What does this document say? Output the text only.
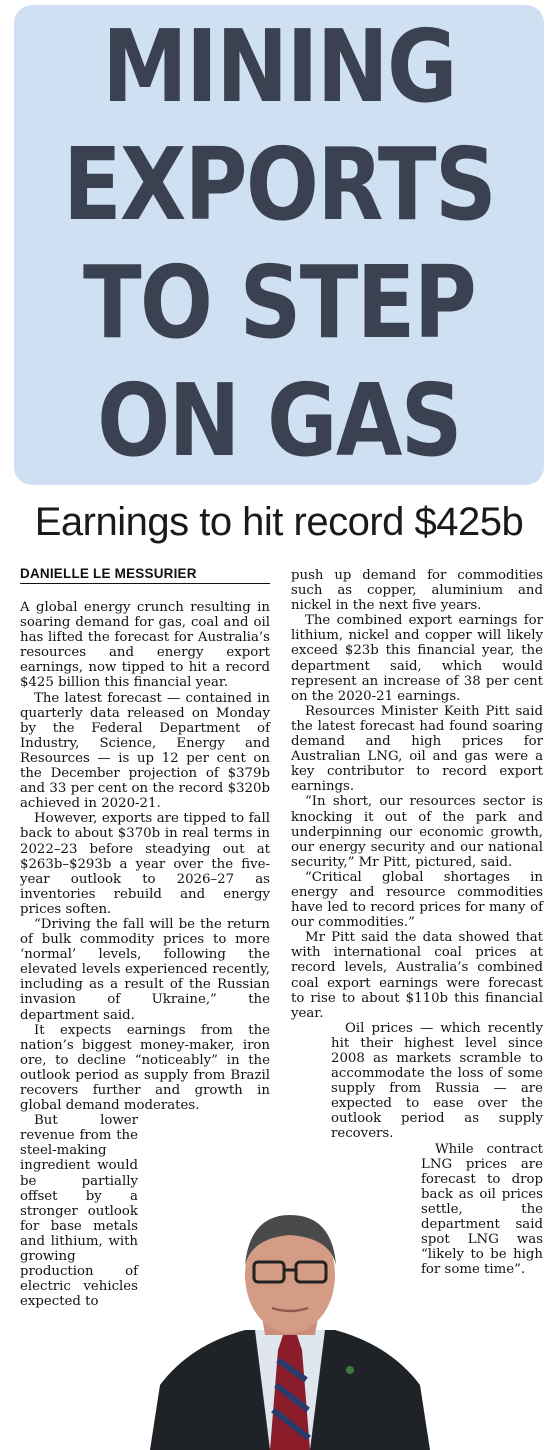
MINING
EXPORTS
TO STEP
ON GAS
Earnings to hit record $425b
DANIELLE LE MESSURIER

A global energy crunch resulting in soaring demand for gas, coal and oil has lifted the forecast for Australia’s resources and energy export earnings, now tipped to hit a record $425 billion this financial year.

The latest forecast — contained in quarterly data released on Monday by the Federal Department of Industry, Science, Energy and Resources — is up 12 per cent on the December projection of $379b and 33 per cent on the record $320b achieved in 2020-21.

However, exports are tipped to fall back to about $370b in real terms in 2022–23 before steadying out at $263b–$293b a year over the five-year outlook to 2026–27 as inventories rebuild and energy prices soften.

“Driving the fall will be the return of bulk commodity prices to more ‘normal’ levels, following the elevated levels experienced recently, including as a result of the Russian invasion of Ukraine,” the department said.

It expects earnings from the nation’s biggest money-maker, iron ore, to decline “noticeably” in the outlook period as supply from Brazil recovers further and growth in global demand moderates.

But lower revenue from the steel-making ingredient would be partially offset by a stronger outlook for base metals and lithium, with growing production of electric vehicles expected to

push up demand for commodities such as copper, aluminium and nickel in the next five years.

The combined export earnings for lithium, nickel and copper will likely exceed $23b this financial year, the department said, which would represent an increase of 38 per cent on the 2020-21 earnings.

Resources Minister Keith Pitt said the latest forecast had found soaring demand and high prices for Australian LNG, oil and gas were a key contributor to record export earnings.

“In short, our resources sector is knocking it out of the park and underpinning our economic growth, our energy security and our national security,” Mr Pitt, pictured, said.

“Critical global shortages in energy and resource commodities have led to record prices for many of our commodities.”

Mr Pitt said the data showed that with international coal prices at record levels, Australia’s combined coal export earnings were forecast to rise to about $110b this financial year.

Oil prices — which recently hit their highest level since 2008 as markets scramble to accommodate the loss of some supply from Russia — are expected to ease over the outlook period as supply recovers.

While contract LNG prices are forecast to drop back as oil prices settle, the department said spot LNG was “likely to be high for some time”.
